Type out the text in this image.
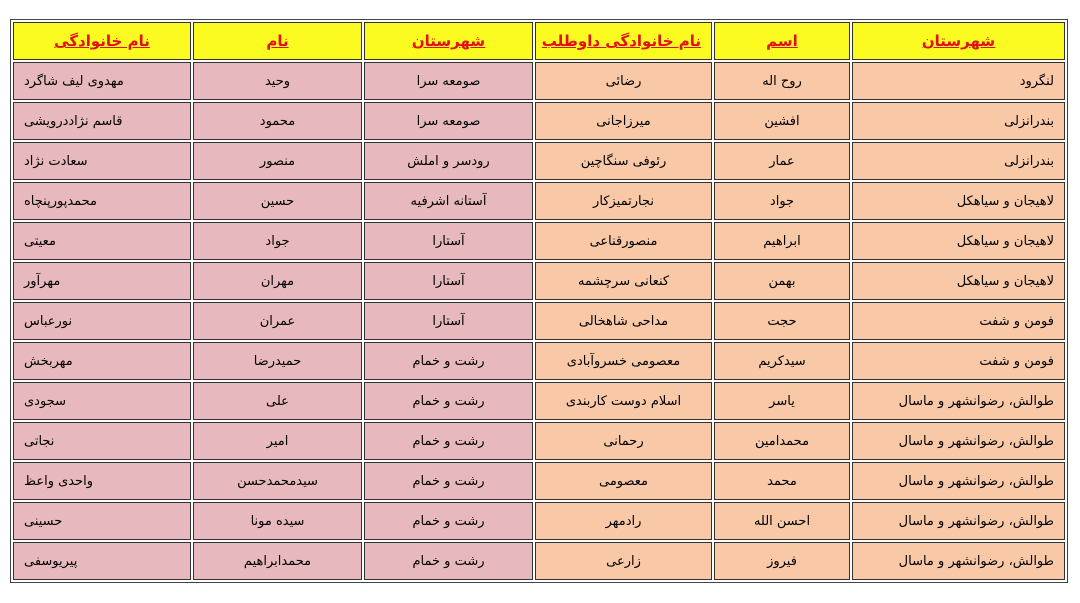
شهرستان	اسم	نام خانوادگی داوطلب	شهرستان	نام	نام خانوادگی
لنگرود	روح اله	رضائی	صومعه سرا	وحید	مهدوی لیف شاگرد
بندرانزلی	افشین	میرزاجانی	صومعه سرا	محمود	قاسم نژاددرویشی
بندرانزلی	عمار	رئوفی سنگاچین	رودسر و املش	منصور	سعادت نژاد
لاهیجان و سیاهکل	جواد	نجارتمیزکار	آستانه اشرفیه	حسین	محمدپورپنچاه
لاهیجان و سیاهکل	ابراهیم	منصورقناعی	آستارا	جواد	معیتی
لاهیجان و سیاهکل	بهمن	کنعانی سرچشمه	آستارا	مهران	مهرآور
فومن و شفت	حجت	مداحی شاهخالی	آستارا	عمران	نورعباس
فومن و شفت	سیدکریم	معصومی خسروآبادی	رشت و خمام	حمیدرضا	مهربخش
طوالش، رضوانشهر و ماسال	یاسر	اسلام دوست کاربندی	رشت و خمام	علی	سجودی
طوالش، رضوانشهر و ماسال	محمدامین	رحمانی	رشت و خمام	امیر	نجاتی
طوالش، رضوانشهر و ماسال	محمد	معصومی	رشت و خمام	سیدمحمدحسن	واحدی واعظ
طوالش، رضوانشهر و ماسال	احسن الله	رادمهر	رشت و خمام	سیده مونا	حسینی
طوالش، رضوانشهر و ماسال	فیروز	زارعی	رشت و خمام	محمدابراهیم	پیریوسفی
